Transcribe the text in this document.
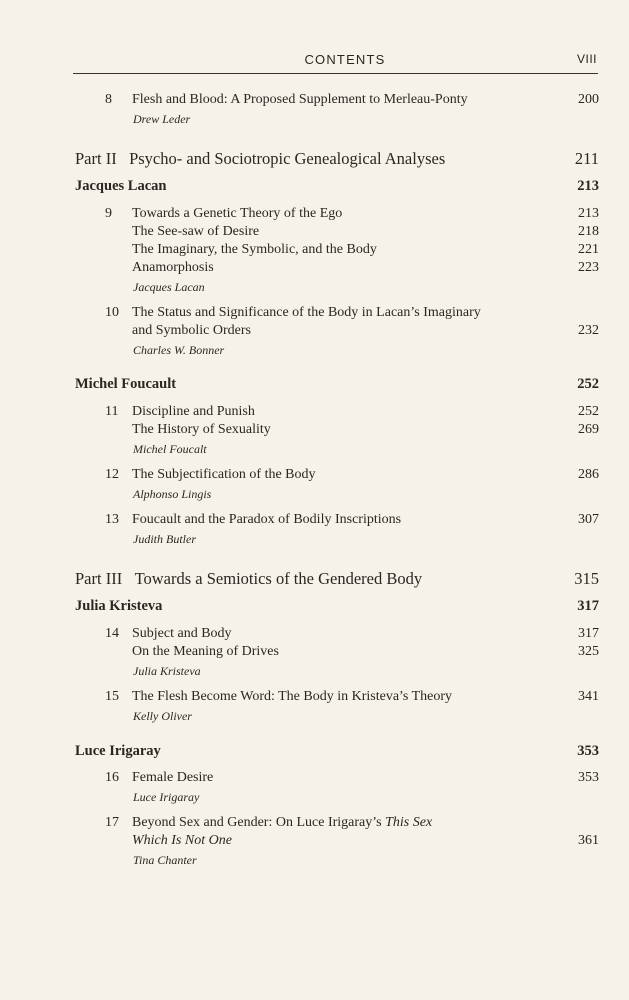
CONTENTS	VIII
8 Flesh and Blood: A Proposed Supplement to Merleau-Ponty	200
Drew Leder
Part II Psycho- and Sociotropic Genealogical Analyses	211
Jacques Lacan	213
9 Towards a Genetic Theory of the Ego	213
The See-saw of Desire	218
The Imaginary, the Symbolic, and the Body	221
Anamorphosis	223
Jacques Lacan
10 The Status and Significance of the Body in Lacan’s Imaginary
and Symbolic Orders	232
Charles W. Bonner
Michel Foucault	252
11 Discipline and Punish	252
The History of Sexuality	269
Michel Foucalt
12 The Subjectification of the Body	286
Alphonso Lingis
13 Foucault and the Paradox of Bodily Inscriptions	307
Judith Butler
Part III Towards a Semiotics of the Gendered Body	315
Julia Kristeva	317
14 Subject and Body	317
On the Meaning of Drives	325
Julia Kristeva
15 The Flesh Become Word: The Body in Kristeva’s Theory	341
Kelly Oliver
Luce Irigaray	353
16 Female Desire	353
Luce Irigaray
17 Beyond Sex and Gender: On Luce Irigaray’s This Sex
Which Is Not One	361
Tina Chanter
